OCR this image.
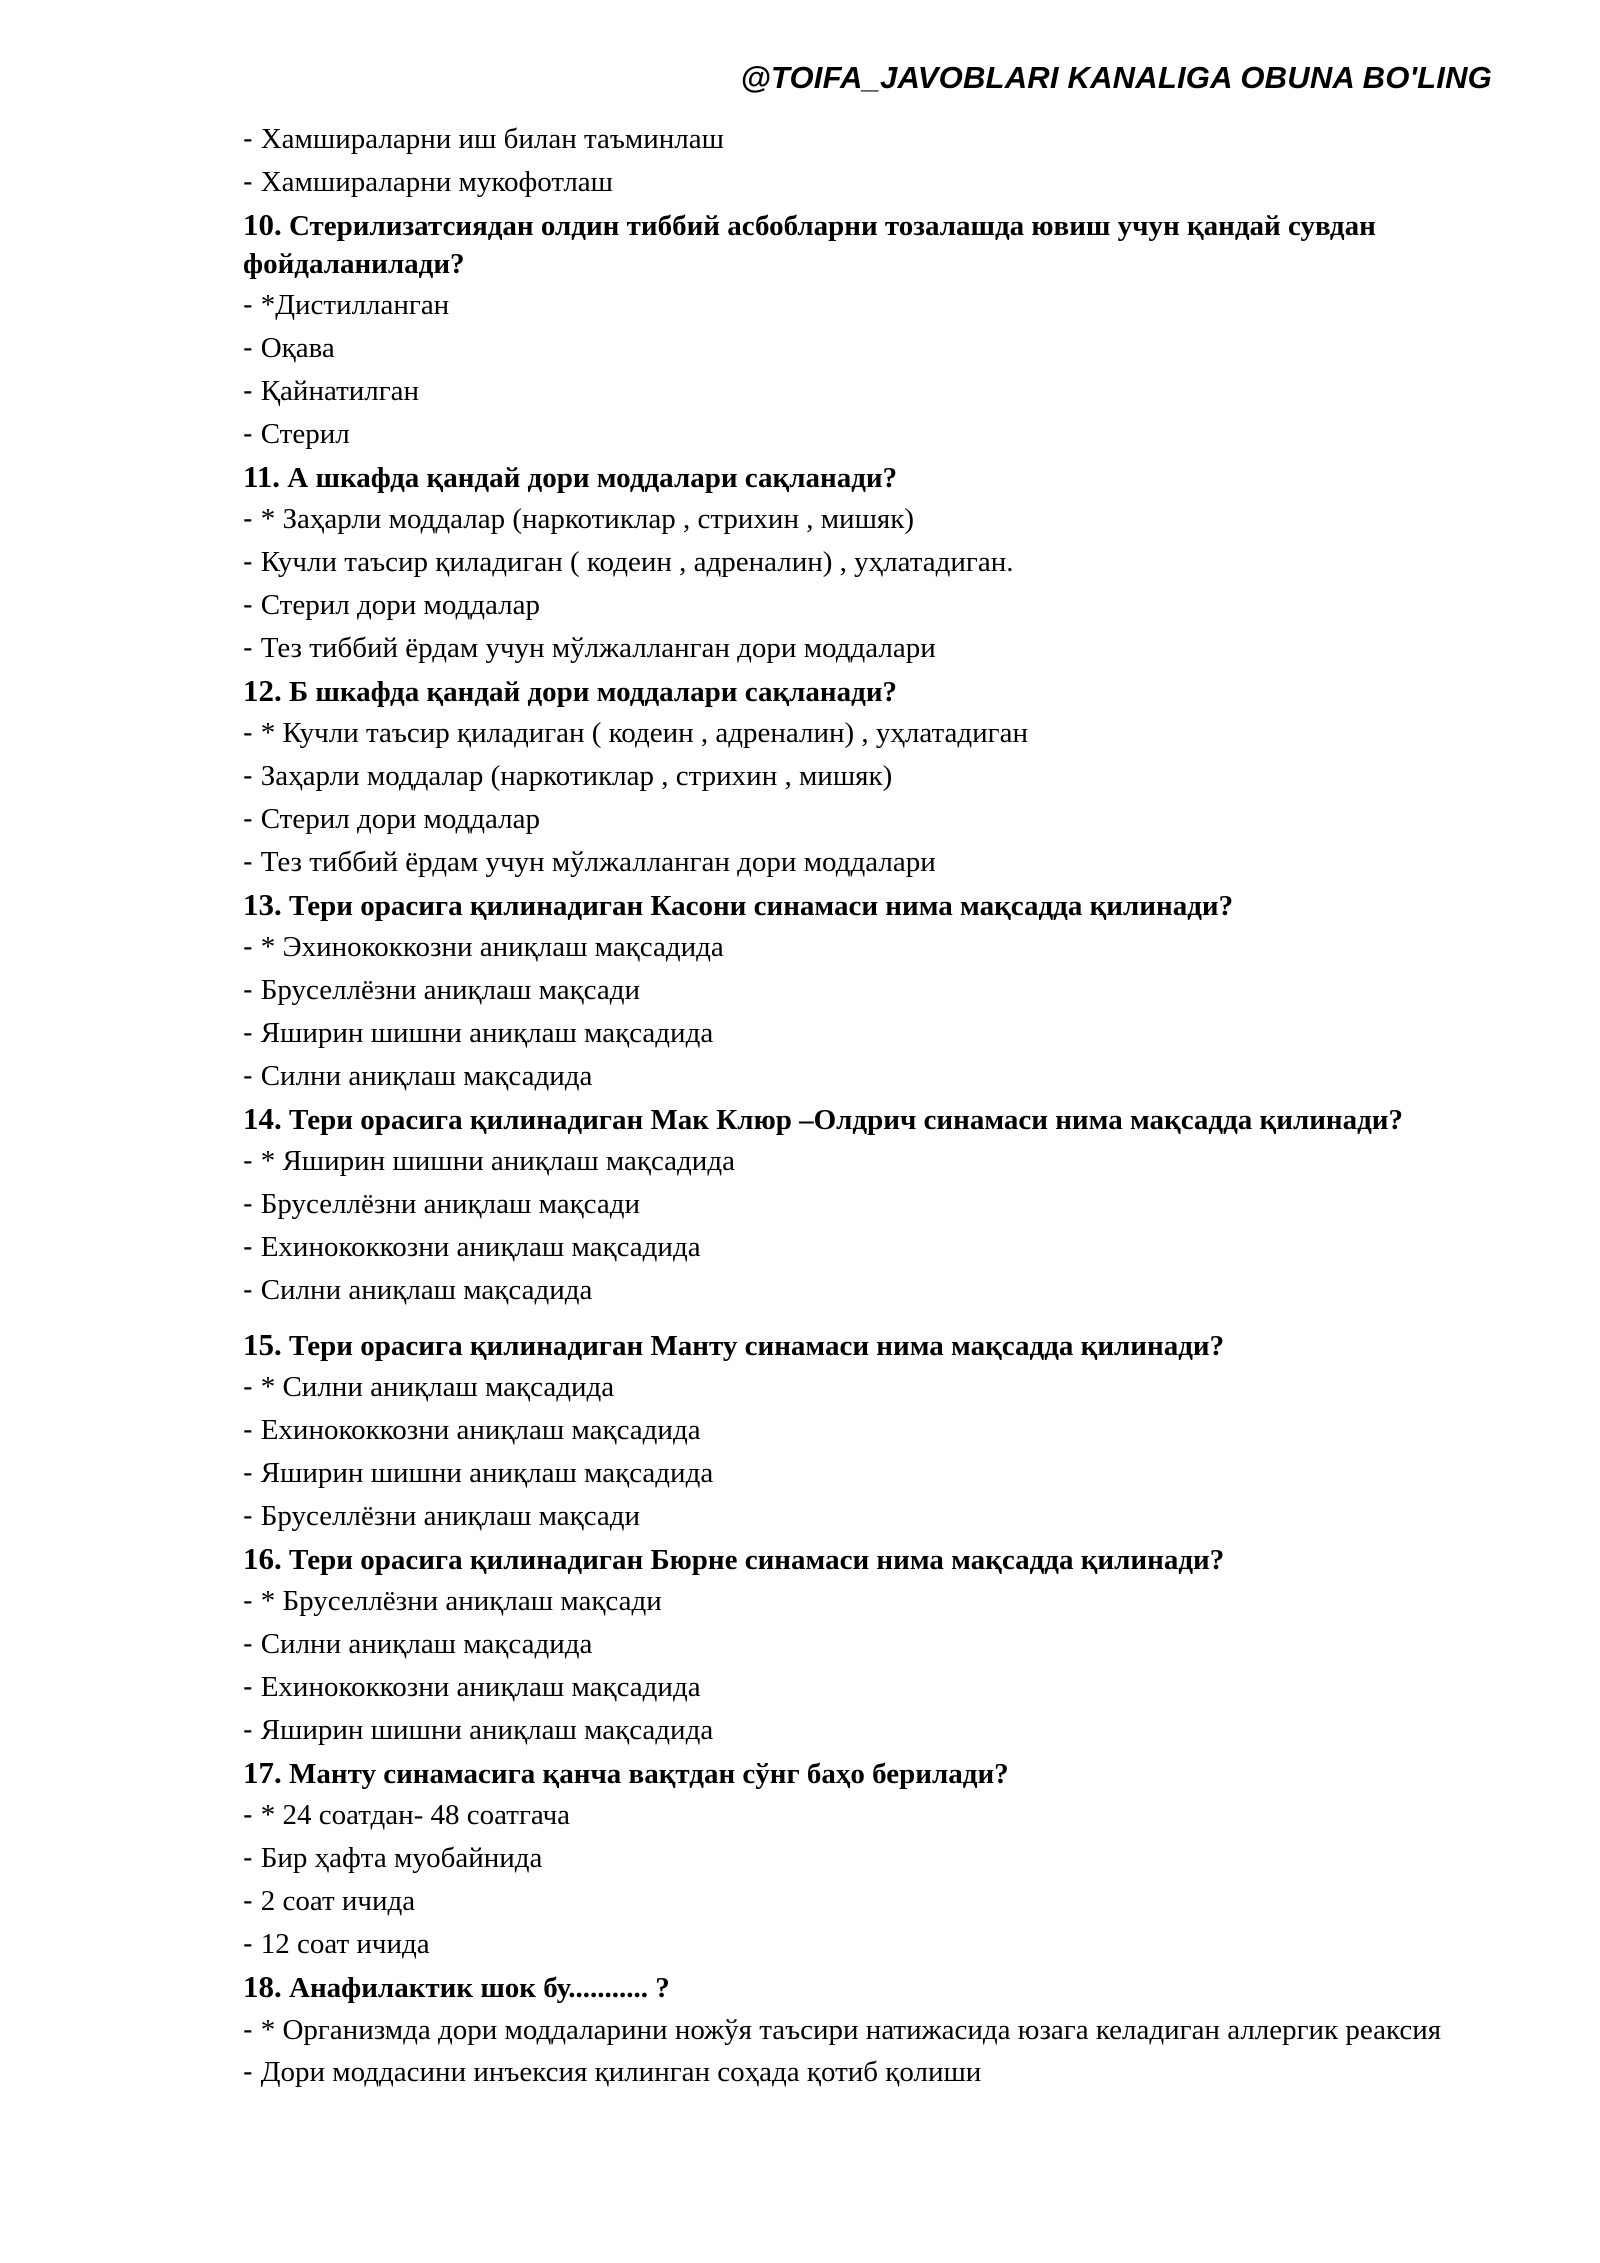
@TOIFA_JAVOBLARI KANALIGA OBUNA BO'LING
- Хамшираларни иш билан таъминлаш
- Хамшираларни мукофотлаш
10. Стерилизатсиядан олдин тиббий асбобларни тозалашда ювиш учун қандай сувдан фойдаланилади?
- *Дистилланган
- Оқава
- Қайнатилган
- Стерил
11. А шкафда қандай дори моддалари сақланади?
- * Заҳарли моддалар (наркотиклар , стрихин , мишяк)
- Кучли таъсир қиладиган ( кодеин , адреналин) , уҳлатадиган.
- Стерил дори моддалар
- Тез тиббий ёрдам учун мўлжалланган дори моддалари
12. Б шкафда қандай дори моддалари сақланади?
- * Кучли таъсир қиладиган ( кодеин , адреналин) , уҳлатадиган
- Заҳарли моддалар (наркотиклар , стрихин , мишяк)
- Стерил дори моддалар
- Тез тиббий ёрдам учун мўлжалланган дори моддалари
13. Тери орасига қилинадиган Касони синамаси нима мақсадда қилинади?
- * Эхинококкозни аниқлаш мақсадида
- Бруселлёзни аниқлаш мақсади
- Яширин шишни аниқлаш мақсадида
- Силни аниқлаш мақсадида
14. Тери орасига қилинадиган Мак Клюр –Олдрич синамаси нима мақсадда қилинади?
- * Яширин шишни аниқлаш мақсадида
- Бруселлёзни аниқлаш мақсади
- Ехинококкозни аниқлаш мақсадида
- Силни аниқлаш мақсадида
15. Тери орасига қилинадиган Манту синамаси нима мақсадда қилинади?
- * Силни аниқлаш мақсадида
- Ехинококкозни аниқлаш мақсадида
- Яширин шишни аниқлаш мақсадида
- Бруселлёзни аниқлаш мақсади
16. Тери орасига қилинадиган Бюрне синамаси нима мақсадда қилинади?
- * Бруселлёзни аниқлаш мақсади
- Силни аниқлаш мақсадида
- Ехинококкозни аниқлаш мақсадида
- Яширин шишни аниқлаш мақсадида
17. Манту синамасига қанча вақтдан сўнг баҳо берилади?
- * 24 соатдан- 48 соатгача
- Бир ҳафта муобайнида
- 2 соат ичида
- 12 соат ичида
18. Анафилактик шок бу........... ?
- * Организмда дори моддаларини ножўя таъсири натижасида юзага келадиган аллергик реаксия
- Дори моддасини инъексия қилинган соҳада қотиб қолиши
